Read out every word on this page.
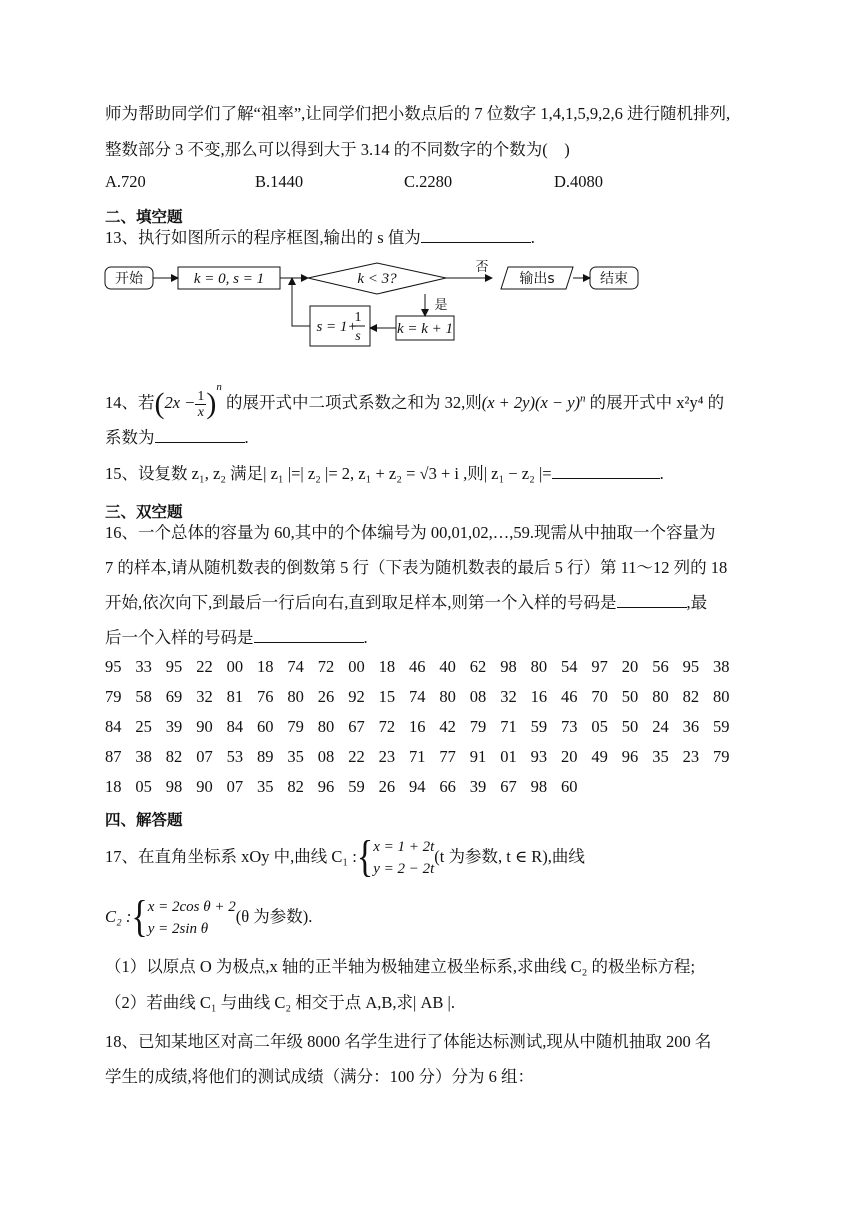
师为帮助同学们了解“祖率”,让同学们把小数点后的 7 位数字 1,4,1,5,9,2,6 进行随机排列,
整数部分 3 不变,那么可以得到大于 3.14 的不同数字的个数为(　)
A.720	B.1440	C.2280	D.4080
二、填空题
13、执行如图所示的程序框图,输出的 s 值为	.
开始	k = 0, s = 1	k < 3?
否
输出s	结束
是
k = k + 1
s = 1+
1
s
14、若$(2x - \frac{1}{x} )^n$ 的展开式中二项式系数之和为 32,则$(x + 2y)(x - y)^n$ 的展开式中 x²y⁴ 的
系数为	.
15、设复数 z₁, z₂ 满足| z₁ |=| z₂ |= 2, z₁ + z₂ = √3 + i ,则| z₁ − z₂ |=	.
三、双空题
16、一个总体的容量为 60,其中的个体编号为 00,01,02,…,59.现需从中抽取一个容量为
7 的样本,请从随机数表的倒数第 5 行（下表为随机数表的最后 5 行）第 11～12 列的 18
开始,依次向下,到最后一行后向右,直到取足样本,则第一个入样的号码是	,最
后一个入样的号码是	.
95 33 95 22 00 18 74 72 00 18 46 40 62 98 80 54 97 20 56 95 38
79 58 69 32 81 76 80 26 92 15 74 80 08 32 16 46 70 50 80 82 80
84 25 39 90 84 60 79 80 67 72 16 42 79 71 59 73 05 50 24 36 59
87 38 82 07 53 89 35 08 22 23 71 77 91 01 93 20 49 96 35 23 79
18 05 98 90 07 35 82 96 59 26 94 66 39 67 98 60
四、解答题
17、在直角坐标系 xOy 中,曲线 C₁ :{ x = 1 + 2t
y = 2 − 2t
(t 为参数, t ∈ R),曲线
C₂ :{ x = 2cos θ + 2
y = 2sin θ
(θ 为参数).
（1）以原点 O 为极点,x 轴的正半轴为极轴建立极坐标系,求曲线 C₂ 的极坐标方程;
（2）若曲线 C₁ 与曲线 C₂ 相交于点 A,B,求| AB |.
18、已知某地区对高二年级 8000 名学生进行了体能达标测试,现从中随机抽取 200 名
学生的成绩,将他们的测试成绩（满分：100 分）分为 6 组：
